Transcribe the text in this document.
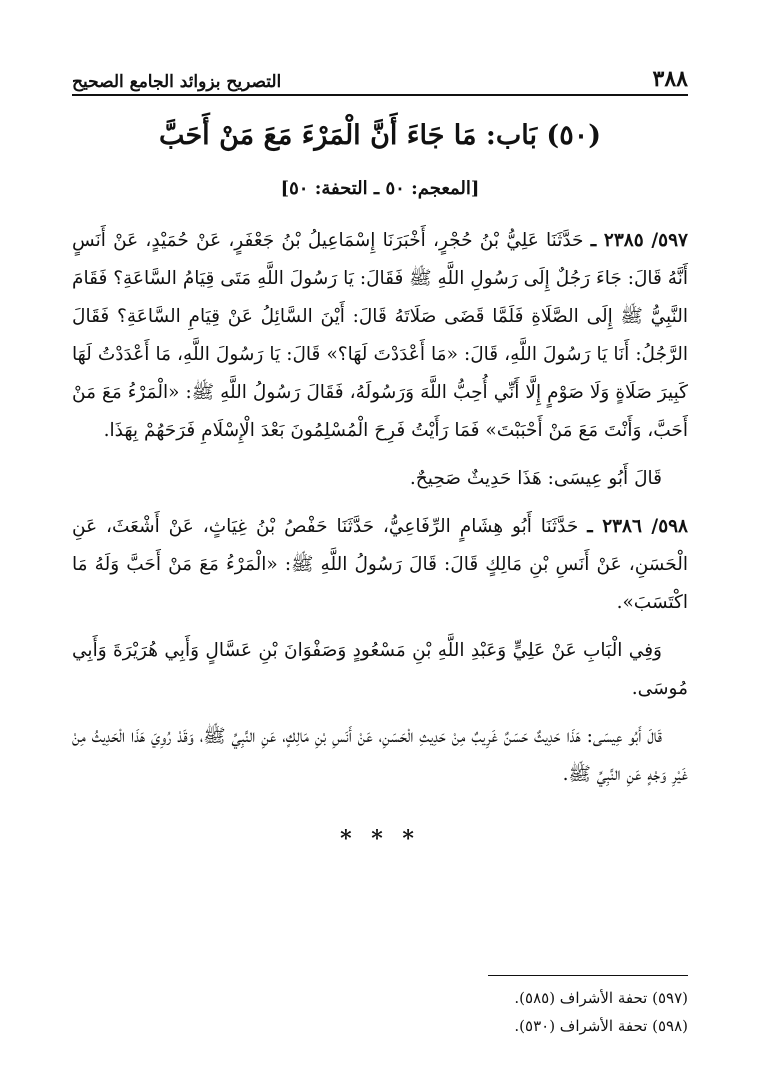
٣٨٨
التصريح بزوائد الجامع الصحيح
(٥٠) بَاب: مَا جَاءَ أَنَّ الْمَرْءَ مَعَ مَنْ أَحَبَّ
[المعجم: ٥٠ ـ التحفة: ٥٠]

٥٩٧/ ٢٣٨٥ ـ حَدَّثَنَا عَلِيُّ بْنُ حُجْرٍ، أَخْبَرَنَا إِسْمَاعِيلُ بْنُ جَعْفَرٍ، عَنْ حُمَيْدٍ، عَنْ أَنَسٍ أَنَّهُ قَالَ: جَاءَ رَجُلٌ إِلَى رَسُولِ اللَّهِ ﷺ فَقَالَ: يَا رَسُولَ اللَّهِ مَتَى قِيَامُ السَّاعَةِ؟ فَقَامَ النَّبِيُّ ﷺ إِلَى الصَّلَاةِ فَلَمَّا قَضَى صَلَاتَهُ قَالَ: أَيْنَ السَّائِلُ عَنْ قِيَامِ السَّاعَةِ؟ فَقَالَ الرَّجُلُ: أَنَا يَا رَسُولَ اللَّهِ، قَالَ: «مَا أَعْدَدْتَ لَهَا؟» قَالَ: يَا رَسُولَ اللَّهِ، مَا أَعْدَدْتُ لَهَا كَبِيرَ صَلَاةٍ وَلَا صَوْمٍ إِلَّا أَنِّي أُحِبُّ اللَّهَ وَرَسُولَهُ، فَقَالَ رَسُولُ اللَّهِ ﷺ: «الْمَرْءُ مَعَ مَنْ أَحَبَّ، وَأَنْتَ مَعَ مَنْ أَحْبَبْتَ» فَمَا رَأَيْتُ فَرِحَ الْمُسْلِمُونَ بَعْدَ الْإِسْلَامِ فَرَحَهُمْ بِهَذَا.

قَالَ أَبُو عِيسَى: هَذَا حَدِيثٌ صَحِيحٌ.

٥٩٨/ ٢٣٨٦ ـ حَدَّثَنَا أَبُو هِشَامٍ الرِّفَاعِيُّ، حَدَّثَنَا حَفْصُ بْنُ غِيَاثٍ، عَنْ أَشْعَثَ، عَنِ الْحَسَنِ، عَنْ أَنَسِ بْنِ مَالِكٍ قَالَ: قَالَ رَسُولُ اللَّهِ ﷺ: «الْمَرْءُ مَعَ مَنْ أَحَبَّ وَلَهُ مَا اكْتَسَبَ».

وَفِي الْبَابِ عَنْ عَلِيٍّ وَعَبْدِ اللَّهِ بْنِ مَسْعُودٍ وَصَفْوَانَ بْنِ عَسَّالٍ وَأَبِي هُرَيْرَةَ وَأَبِي مُوسَى.

قَالَ أَبُو عِيسَى: هَذَا حَدِيثٌ حَسَنٌ غَرِيبٌ مِنْ حَدِيثِ الْحَسَنِ، عَنْ أَنَسِ بْنِ مَالِكٍ، عَنِ النَّبِيِّ ﷺ، وَقَدْ رُوِيَ هَذَا الْحَدِيثُ مِنْ غَيْرِ وَجْهٍ عَنِ النَّبِيِّ ﷺ.

* * *
(٥٩٧) تحفة الأشراف (٥٨٥).
(٥٩٨) تحفة الأشراف (٥٣٠).
